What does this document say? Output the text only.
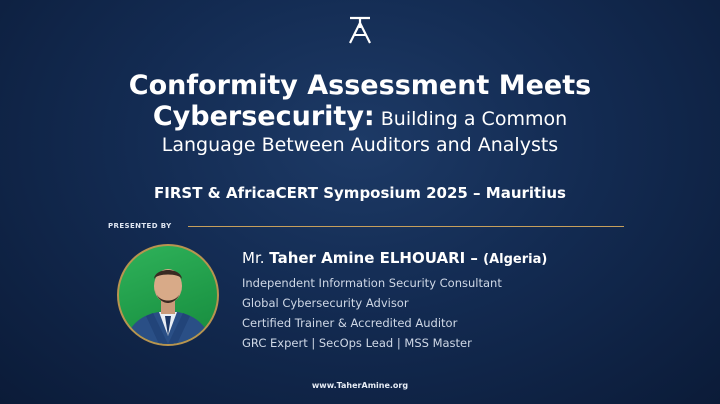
Conformity Assessment Meets
Cybersecurity: Building a Common
Language Between Auditors and Analysts
FIRST & AfricaCERT Symposium 2025 – Mauritius
PRESENTED BY
Mr. Taher Amine ELHOUARI – (Algeria)
Independent Information Security Consultant
Global Cybersecurity Advisor
Certified Trainer & Accredited Auditor
GRC Expert | SecOps Lead | MSS Master
www.TaherAmine.org
